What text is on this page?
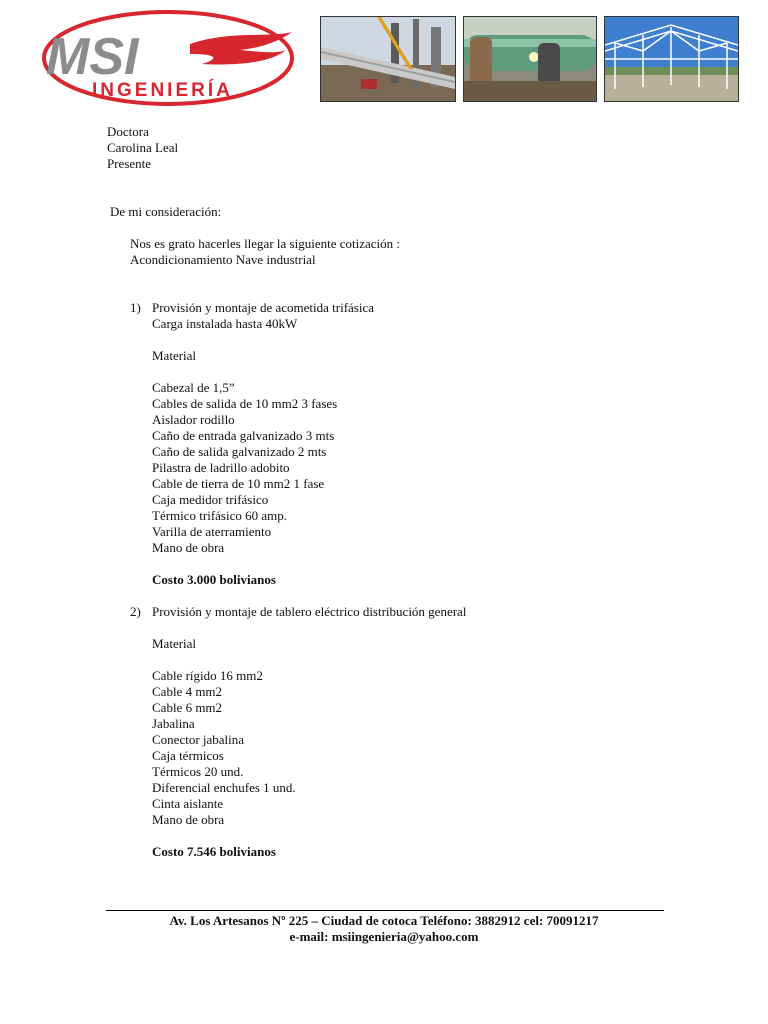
MSI
INGENIERÍA
Doctora
Carolina Leal
Presente
De mi consideración:
Nos es grato hacerles llegar la siguiente cotización :
Acondicionamiento Nave industrial
1) Provisión y montaje de acometida trifásica
Carga instalada hasta 40kW
Material
Cabezal de 1,5”
Cables de salida de 10 mm2 3 fases
Aislador rodillo
Caño de entrada galvanizado 3 mts
Caño de salida galvanizado 2 mts
Pilastra de ladrillo adobito
Cable de tierra de 10 mm2 1 fase
Caja medidor trifásico
Térmico trifásico 60 amp.
Varilla de aterramiento
Mano de obra
Costo 3.000 bolivianos
2) Provisión y montaje de tablero eléctrico distribución general
Material
Cable rígido 16 mm2
Cable 4 mm2
Cable 6 mm2
Jabalina
Conector jabalina
Caja térmicos
Térmicos 20 und.
Diferencial enchufes 1 und.
Cinta aislante
Mano de obra
Costo 7.546 bolivianos
Av. Los Artesanos Nº 225 – Ciudad de cotoca Teléfono: 3882912 cel: 70091217
e-mail: msiingenieria@yahoo.com
